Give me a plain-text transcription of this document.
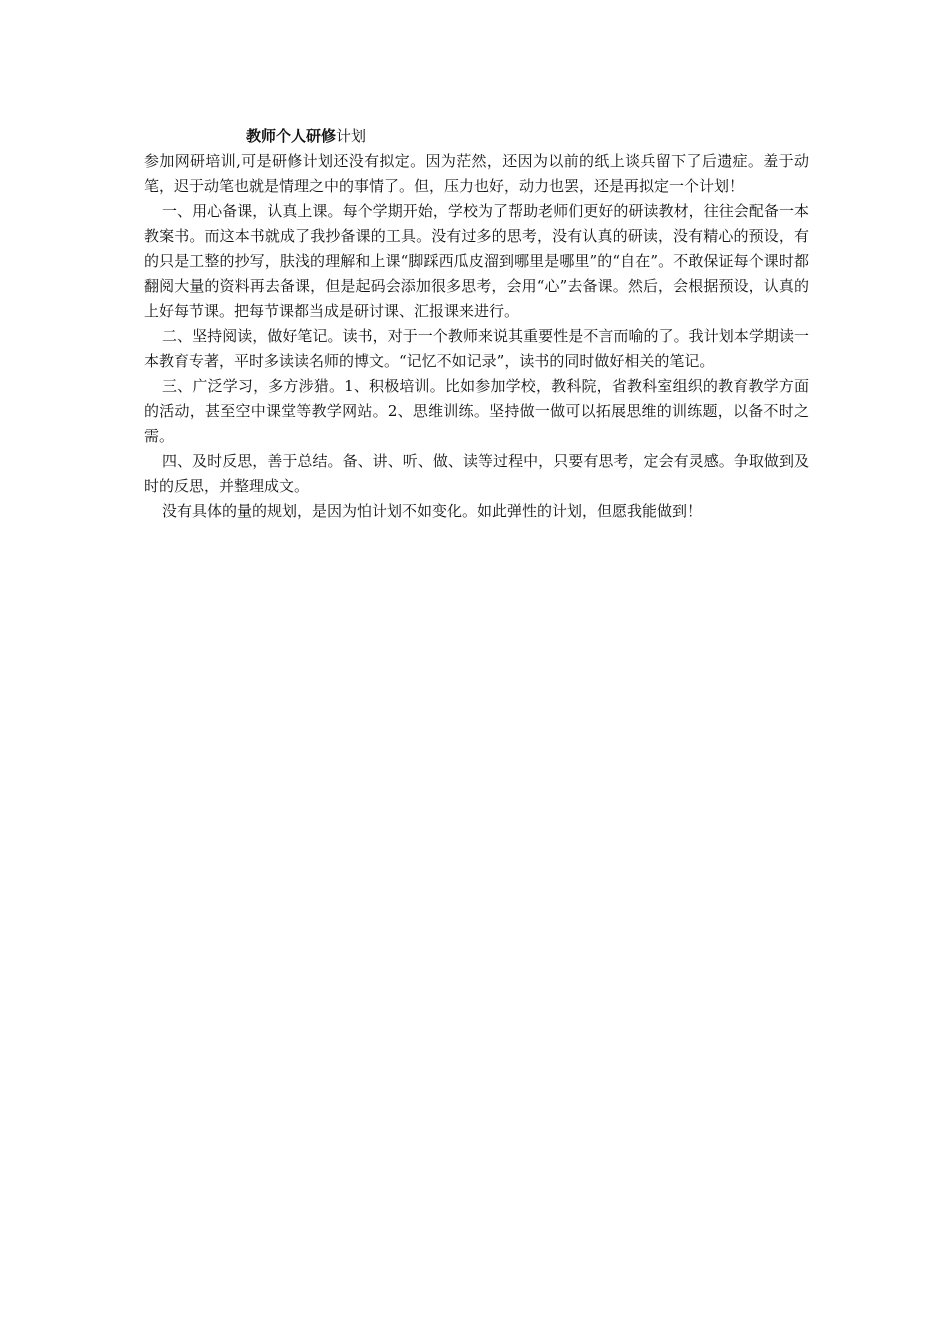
教师个人研修计划

参加网研培训,可是研修计划还没有拟定。因为茫然，还因为以前的纸上谈兵留下了后遗症。羞于动笔，迟于动笔也就是情理之中的事情了。但，压力也好，动力也罢，还是再拟定一个计划！

一、用心备课，认真上课。每个学期开始，学校为了帮助老师们更好的研读教材，往往会配备一本教案书。而这本书就成了我抄备课的工具。没有过多的思考，没有认真的研读，没有精心的预设，有的只是工整的抄写，肤浅的理解和上课“脚踩西瓜皮溜到哪里是哪里”的“自在”。不敢保证每个课时都翻阅大量的资料再去备课，但是起码会添加很多思考，会用“心”去备课。然后，会根据预设，认真的上好每节课。把每节课都当成是研讨课、汇报课来进行。

二、坚持阅读，做好笔记。读书，对于一个教师来说其重要性是不言而喻的了。我计划本学期读一本教育专著，平时多读读名师的博文。“记忆不如记录”，读书的同时做好相关的笔记。

三、广泛学习，多方涉猎。1、积极培训。比如参加学校，教科院，省教科室组织的教育教学方面的活动，甚至空中课堂等教学网站。2、思维训练。坚持做一做可以拓展思维的训练题，以备不时之需。

四、及时反思，善于总结。备、讲、听、做、读等过程中，只要有思考，定会有灵感。争取做到及时的反思，并整理成文。

没有具体的量的规划，是因为怕计划不如变化。如此弹性的计划，但愿我能做到！
